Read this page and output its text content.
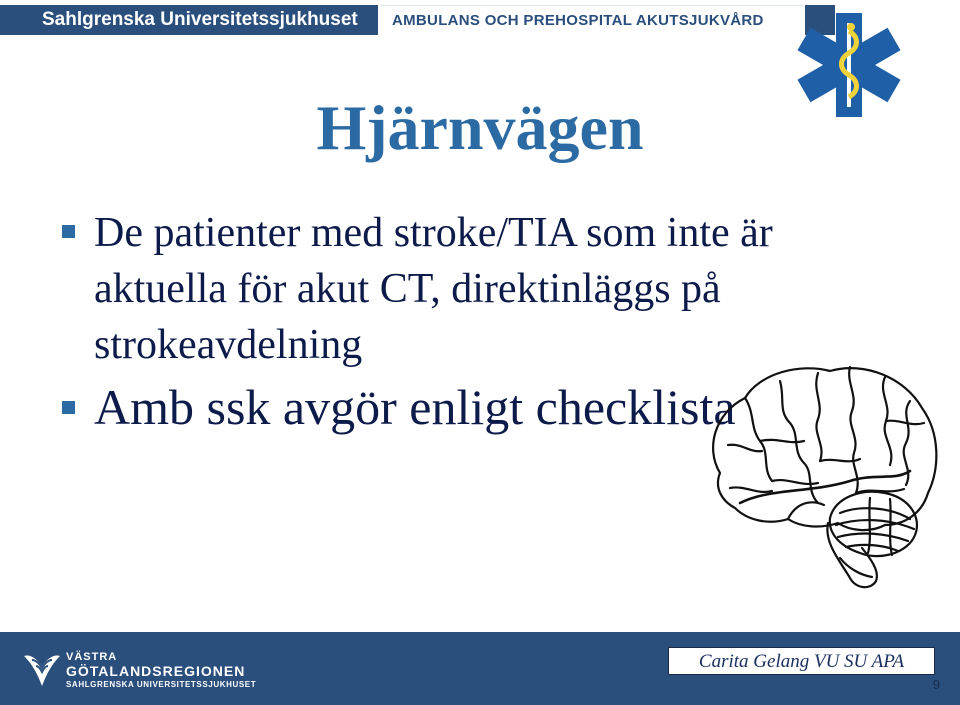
Sahlgrenska Universitetssjukhuset	AMBULANS OCH PREHOSPITAL AKUTSJUKVÅRD
Hjärnvägen
De patienter med stroke/TIA som inte är aktuella för akut CT, direktinläggs på strokeavdelning
Amb ssk avgör enligt checklista
VÄSTRA
GÖTALANDSREGIONEN
SAHLGRENSKA UNIVERSITETSSJUKHUSET
Carita Gelang VU SU APA
9
